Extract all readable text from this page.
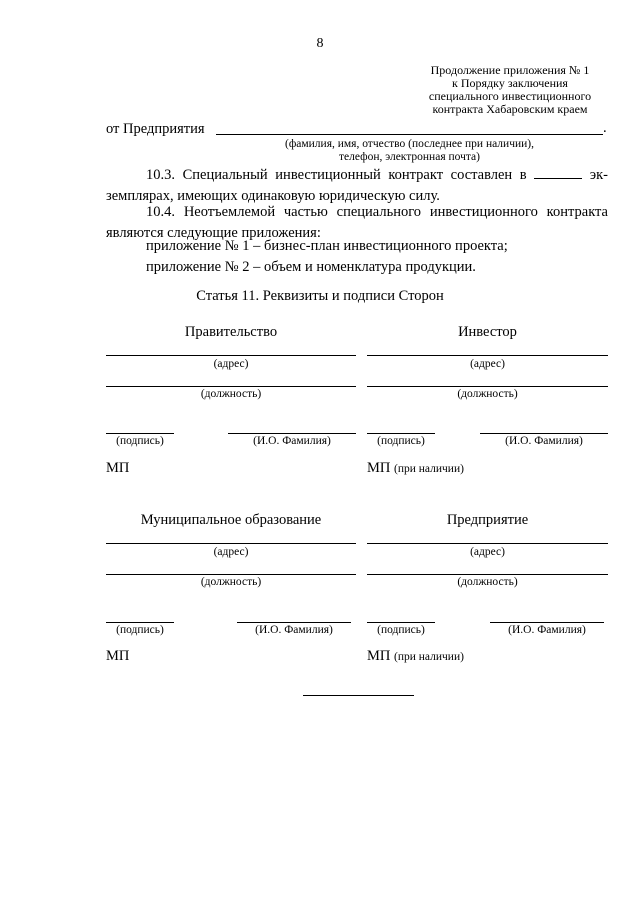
8
Продолжение приложения № 1
к Порядку заключения
специального инвестиционного
контракта Хабаровским краем
от Предприятия	.
(фамилия, имя, отчество (последнее при наличии),
телефон, электронная почта)
10.3. Специальный инвестиционный контракт составлен в	эк-земплярах, имеющих одинаковую юридическую силу.
10.4. Неотъемлемой частью специального инвестиционного контракта являются следующие приложения:
приложение № 1 – бизнес-план инвестиционного проекта;
приложение № 2 – объем и номенклатура продукции.
Статья 11. Реквизиты и подписи Сторон
Правительство	Инвестор
(адрес)	(адрес)
(должность)	(должность)
(подпись)	(И.О. Фамилия)	(подпись)	(И.О. Фамилия)
МП	МП (при наличии)
Муниципальное образование	Предприятие
(адрес)	(адрес)
(должность)	(должность)
(подпись)	(И.О. Фамилия)	(подпись)	(И.О. Фамилия)
МП	МП (при наличии)
